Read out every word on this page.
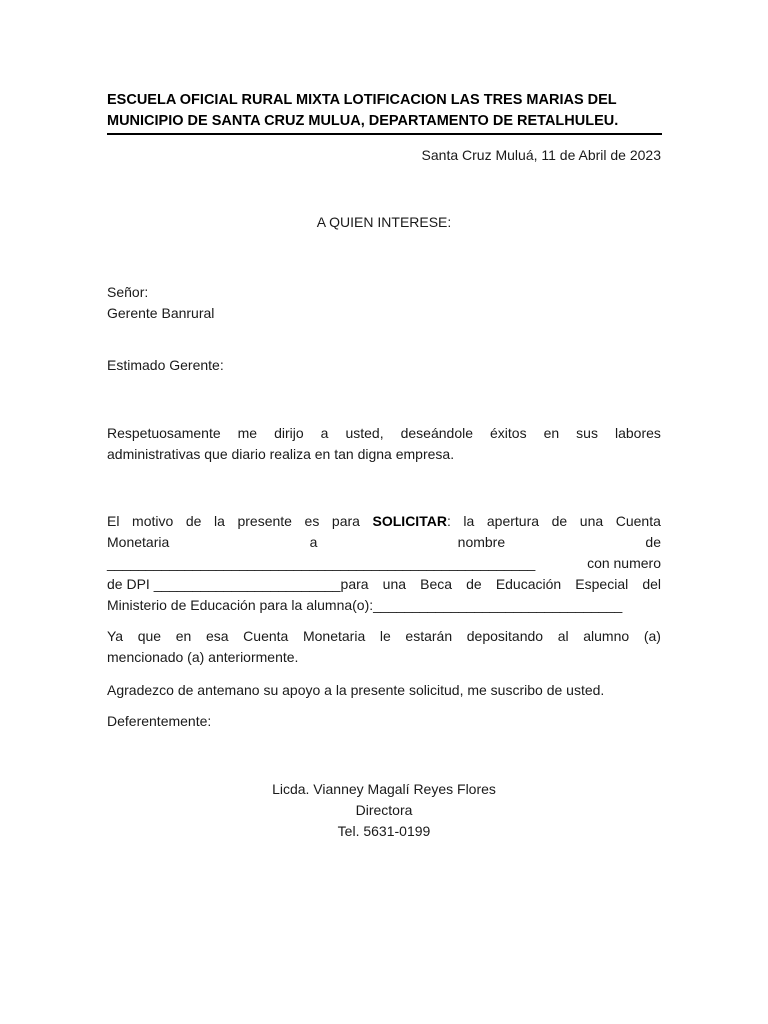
ESCUELA OFICIAL RURAL MIXTA LOTIFICACION LAS TRES MARIAS DEL
MUNICIPIO DE SANTA CRUZ MULUA, DEPARTAMENTO DE RETALHULEU.
Santa Cruz Muluá, 11 de Abril de 2023
A QUIEN INTERESE:
Señor:
Gerente Banrural
Estimado Gerente:
Respetuosamente me dirijo a usted, deseándole éxitos en sus labores
administrativas que diario realiza en tan digna empresa.
El motivo de la presente es para SOLICITAR: la apertura de una Cuenta
Monetaria	a	nombre	de
_______________________________________________________	con numero
de DPI ________________________para una Beca de Educación Especial del
Ministerio de Educación para la alumna(o):________________________________
Ya que en esa Cuenta Monetaria le estarán depositando al alumno (a)
mencionado (a) anteriormente.
Agradezco de antemano su apoyo a la presente solicitud, me suscribo de usted.
Deferentemente:
Licda. Vianney Magalí Reyes Flores
Directora
Tel. 5631-0199
